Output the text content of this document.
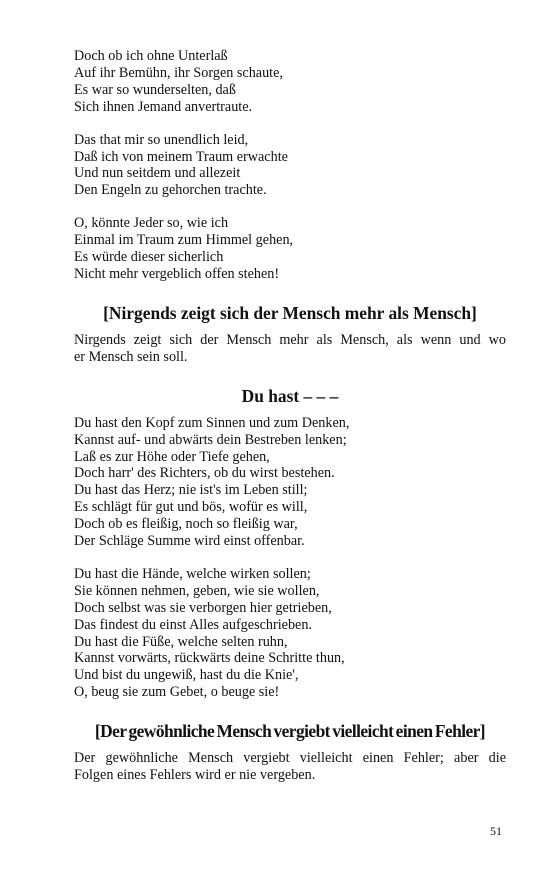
Doch ob ich ohne Unterlaß
Auf ihr Bemühn, ihr Sorgen schaute,
Es war so wunderselten, daß
Sich ihnen Jemand anvertraute.
Das that mir so unendlich leid,
Daß ich von meinem Traum erwachte
Und nun seitdem und allezeit
Den Engeln zu gehorchen trachte.
O, könnte Jeder so, wie ich
Einmal im Traum zum Himmel gehen,
Es würde dieser sicherlich
Nicht mehr vergeblich offen stehen!
[Nirgends zeigt sich der Mensch mehr als Mensch]
Nirgends zeigt sich der Mensch mehr als Mensch, als wenn und wo
er Mensch sein soll.
Du hast – – –
Du hast den Kopf zum Sinnen und zum Denken,
Kannst auf- und abwärts dein Bestreben lenken;
Laß es zur Höhe oder Tiefe gehen,
Doch harr' des Richters, ob du wirst bestehen.
Du hast das Herz; nie ist's im Leben still;
Es schlägt für gut und bös, wofür es will,
Doch ob es fleißig, noch so fleißig war,
Der Schläge Summe wird einst offenbar.
Du hast die Hände, welche wirken sollen;
Sie können nehmen, geben, wie sie wollen,
Doch selbst was sie verborgen hier getrieben,
Das findest du einst Alles aufgeschrieben.
Du hast die Füße, welche selten ruhn,
Kannst vorwärts, rückwärts deine Schritte thun,
Und bist du ungewiß, hast du die Knie',
O, beug sie zum Gebet, o beuge sie!
[Der gewöhnliche Mensch vergiebt vielleicht einen Fehler]
Der gewöhnliche Mensch vergiebt vielleicht einen Fehler; aber die
Folgen eines Fehlers wird er nie vergeben.
51
